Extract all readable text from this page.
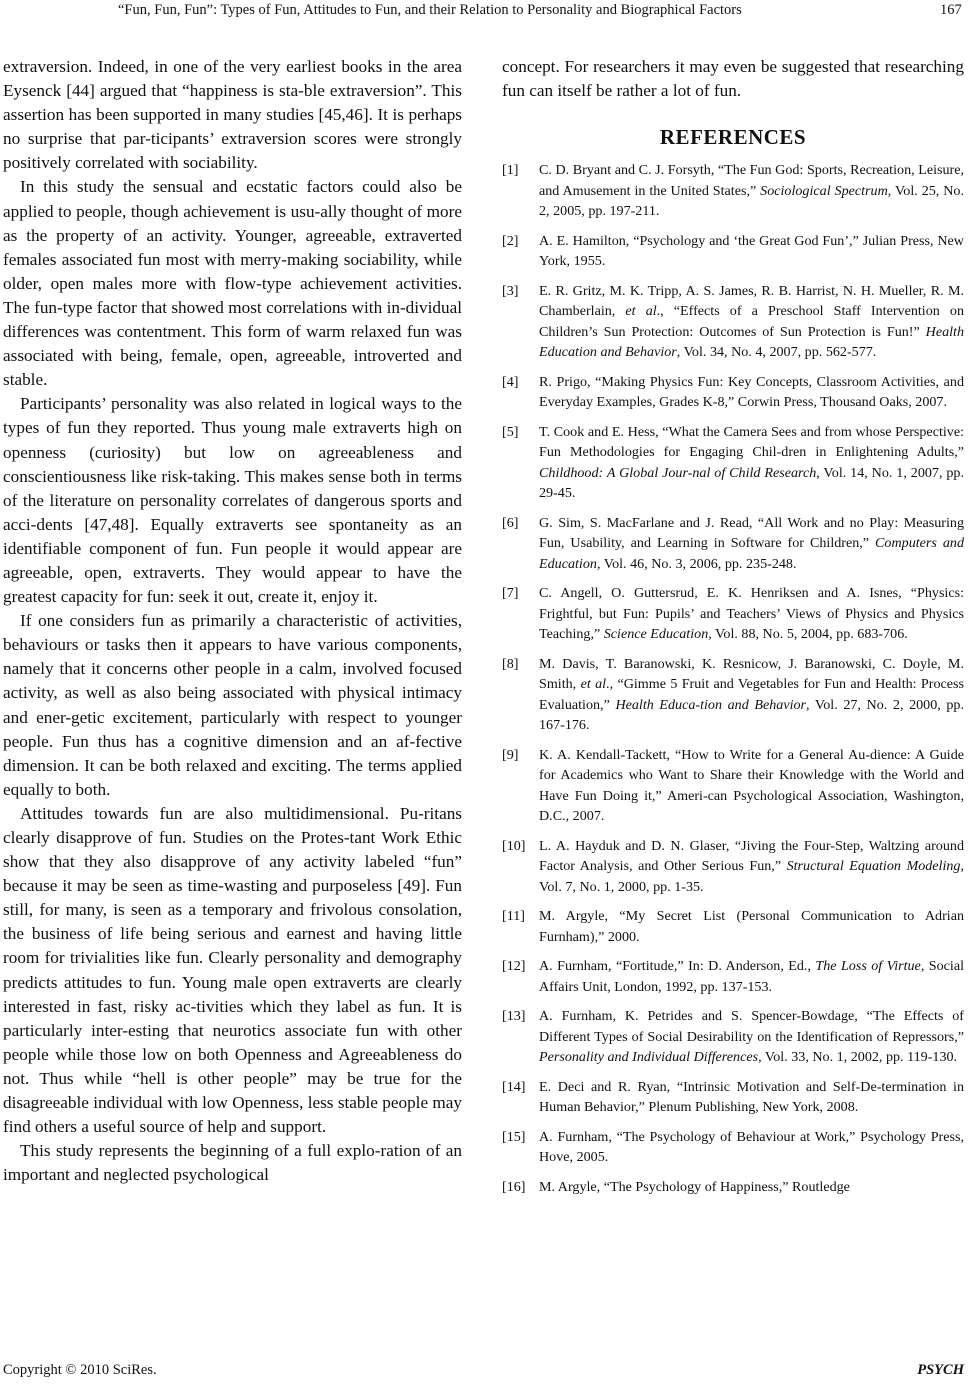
“Fun, Fun, Fun”: Types of Fun, Attitudes to Fun, and their Relation to Personality and Biographical Factors	167

extraversion. Indeed, in one of the very earliest books in the area Eysenck [44] argued that “happiness is sta-ble extraversion”. This assertion has been supported in many studies [45,46]. It is perhaps no surprise that par-ticipants’ extraversion scores were strongly positively correlated with sociability.

In this study the sensual and ecstatic factors could also be applied to people, though achievement is usu-ally thought of more as the property of an activity. Younger, agreeable, extraverted females associated fun most with merry-making sociability, while older, open males more with flow-type achievement activities. The fun-type factor that showed most correlations with in-dividual differences was contentment. This form of warm relaxed fun was associated with being, female, open, agreeable, introverted and stable.

Participants’ personality was also related in logical ways to the types of fun they reported. Thus young male extraverts high on openness (curiosity) but low on agreeableness and conscientiousness like risk-taking. This makes sense both in terms of the literature on personality correlates of dangerous sports and acci-dents [47,48]. Equally extraverts see spontaneity as an identifiable component of fun. Fun people it would appear are agreeable, open, extraverts. They would appear to have the greatest capacity for fun: seek it out, create it, enjoy it.

If one considers fun as primarily a characteristic of activities, behaviours or tasks then it appears to have various components, namely that it concerns other people in a calm, involved focused activity, as well as also being associated with physical intimacy and ener-getic excitement, particularly with respect to younger people. Fun thus has a cognitive dimension and an af-fective dimension. It can be both relaxed and exciting. The terms applied equally to both.

Attitudes towards fun are also multidimensional. Pu-ritans clearly disapprove of fun. Studies on the Protes-tant Work Ethic show that they also disapprove of any activity labeled “fun” because it may be seen as time-wasting and purposeless [49]. Fun still, for many, is seen as a temporary and frivolous consolation, the business of life being serious and earnest and having little room for trivialities like fun. Clearly personality and demography predicts attitudes to fun. Young male open extraverts are clearly interested in fast, risky ac-tivities which they label as fun. It is particularly inter-esting that neurotics associate fun with other people while those low on both Openness and Agreeableness do not. Thus while “hell is other people” may be true for the disagreeable individual with low Openness, less stable people may find others a useful source of help and support.

This study represents the beginning of a full explo-ration of an important and neglected psychological

concept. For researchers it may even be suggested that researching fun can itself be rather a lot of fun.

REFERENCES
[1] C. D. Bryant and C. J. Forsyth, “The Fun God: Sports, Recreation, Leisure, and Amusement in the United States,” Sociological Spectrum, Vol. 25, No. 2, 2005, pp. 197-211.
[2] A. E. Hamilton, “Psychology and ‘the Great God Fun’,” Julian Press, New York, 1955.
[3] E. R. Gritz, M. K. Tripp, A. S. James, R. B. Harrist, N. H. Mueller, R. M. Chamberlain, et al., “Effects of a Preschool Staff Intervention on Children’s Sun Protection: Outcomes of Sun Protection is Fun!” Health Education and Behavior, Vol. 34, No. 4, 2007, pp. 562-577.
[4] R. Prigo, “Making Physics Fun: Key Concepts, Classroom Activities, and Everyday Examples, Grades K-8,” Corwin Press, Thousand Oaks, 2007.
[5] T. Cook and E. Hess, “What the Camera Sees and from whose Perspective: Fun Methodologies for Engaging Chil-dren in Enlightening Adults,” Childhood: A Global Jour-nal of Child Research, Vol. 14, No. 1, 2007, pp. 29-45.
[6] G. Sim, S. MacFarlane and J. Read, “All Work and no Play: Measuring Fun, Usability, and Learning in Software for Children,” Computers and Education, Vol. 46, No. 3, 2006, pp. 235-248.
[7] C. Angell, O. Guttersrud, E. K. Henriksen and A. Isnes, “Physics: Frightful, but Fun: Pupils’ and Teachers’ Views of Physics and Physics Teaching,” Science Education, Vol. 88, No. 5, 2004, pp. 683-706.
[8] M. Davis, T. Baranowski, K. Resnicow, J. Baranowski, C. Doyle, M. Smith, et al., “Gimme 5 Fruit and Vegetables for Fun and Health: Process Evaluation,” Health Educa-tion and Behavior, Vol. 27, No. 2, 2000, pp. 167-176.
[9] K. A. Kendall-Tackett, “How to Write for a General Au-dience: A Guide for Academics who Want to Share their Knowledge with the World and Have Fun Doing it,” Ameri-can Psychological Association, Washington, D.C., 2007.
[10] L. A. Hayduk and D. N. Glaser, “Jiving the Four-Step, Waltzing around Factor Analysis, and Other Serious Fun,” Structural Equation Modeling, Vol. 7, No. 1, 2000, pp. 1-35.
[11] M. Argyle, “My Secret List (Personal Communication to Adrian Furnham),” 2000.
[12] A. Furnham, “Fortitude,” In: D. Anderson, Ed., The Loss of Virtue, Social Affairs Unit, London, 1992, pp. 137-153.
[13] A. Furnham, K. Petrides and S. Spencer-Bowdage, “The Effects of Different Types of Social Desirability on the Identification of Repressors,” Personality and Individual Differences, Vol. 33, No. 1, 2002, pp. 119-130.
[14] E. Deci and R. Ryan, “Intrinsic Motivation and Self-De-termination in Human Behavior,” Plenum Publishing, New York, 2008.
[15] A. Furnham, “The Psychology of Behaviour at Work,” Psychology Press, Hove, 2005.
[16] M. Argyle, “The Psychology of Happiness,” Routledge
Copyright © 2010 SciRes.	PSYCH
